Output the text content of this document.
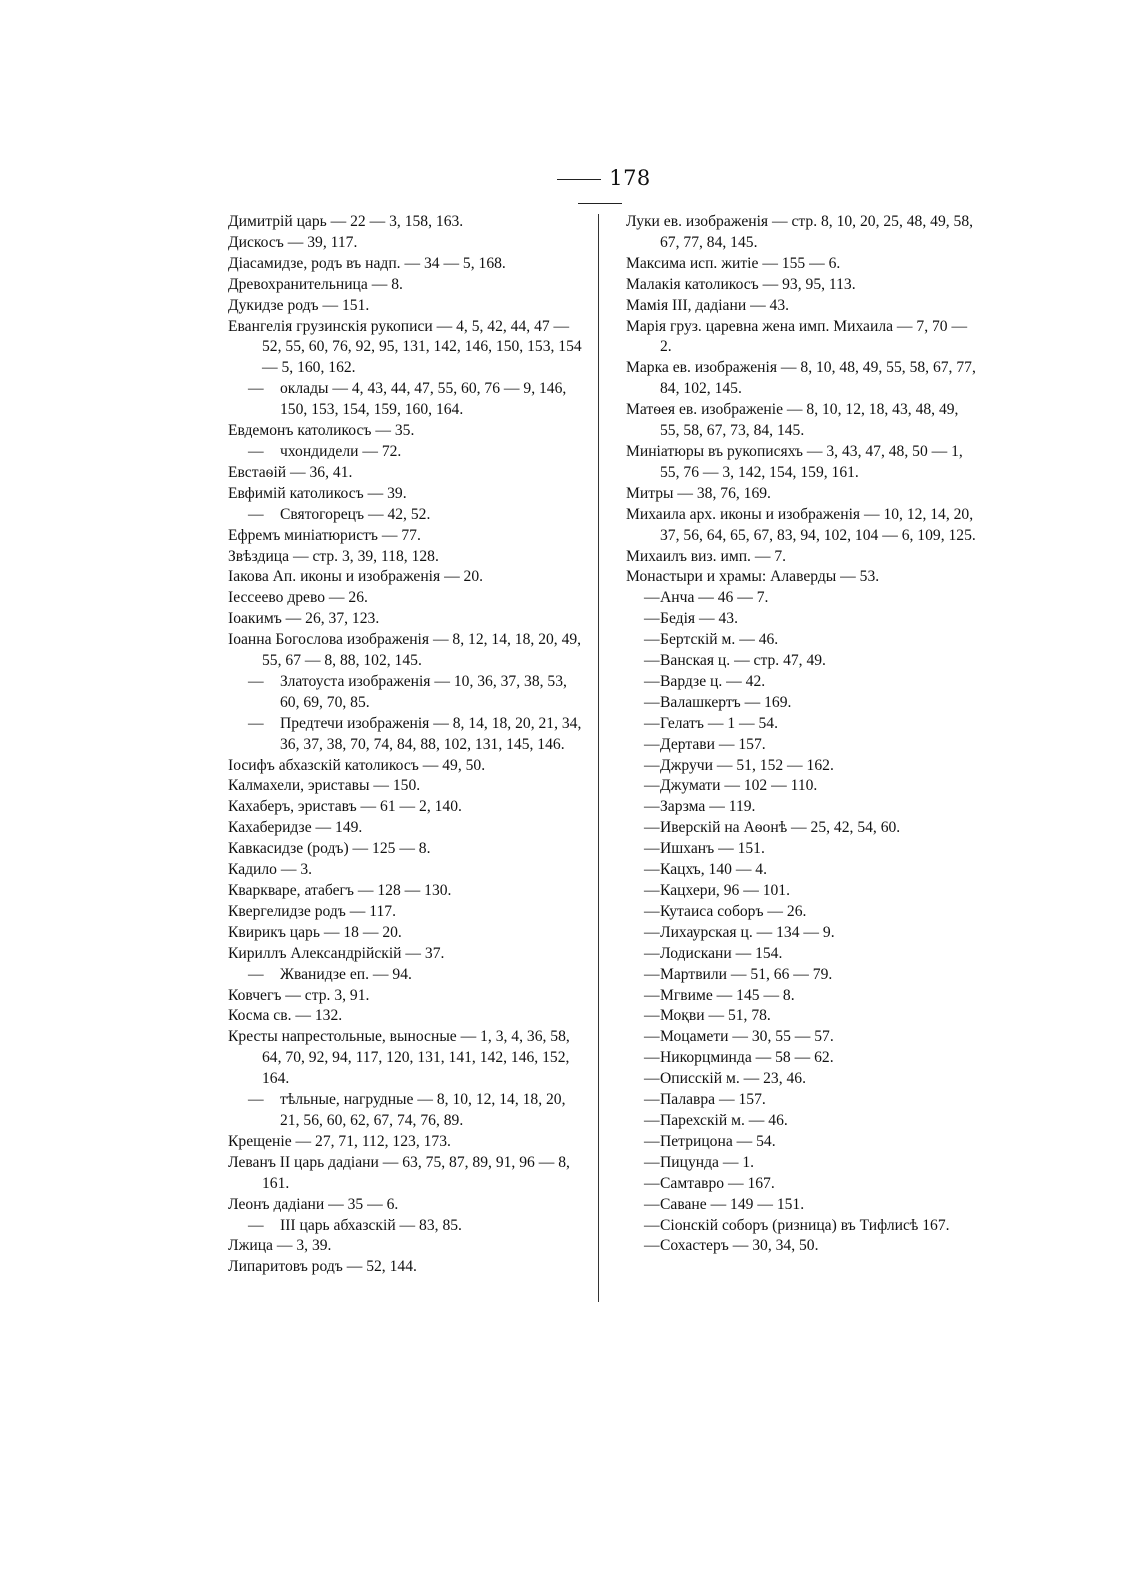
178

Димитрій царь — 22 — 3, 158, 163.

Дискосъ — 39, 117.

Діасамидзе, родъ въ надп. — 34 — 5, 168.

Древохранительница — 8.

Дукидзе родъ — 151.

Евангелія грузинскія рукописи — 4, 5, 42, 44, 47 — 52, 55, 60, 76, 92, 95, 131, 142, 146, 150, 153, 154 — 5, 160, 162.

— оклады — 4, 43, 44, 47, 55, 60, 76 — 9, 146, 150, 153, 154, 159, 160, 164.

Евдемонъ католикосъ — 35.

— чхондидели — 72.

Евстаѳій — 36, 41.

Евфимій католикосъ — 39.

— Святогорецъ — 42, 52.

Ефремъ миніатюристъ — 77.

Звѣздица — стр. 3, 39, 118, 128.

Іакова Ап. иконы и изображенія — 20.

Іессеево древо — 26.

Іоакимъ — 26, 37, 123.

Іоанна Богослова изображенія — 8, 12, 14, 18, 20, 49, 55, 67 — 8, 88, 102, 145.

— Златоуста изображенія — 10, 36, 37, 38, 53, 60, 69, 70, 85.

— Предтечи изображенія — 8, 14, 18, 20, 21, 34, 36, 37, 38, 70, 74, 84, 88, 102, 131, 145, 146.

Іосифъ абхазскій католикосъ — 49, 50.

Калмахели, эриставы — 150.

Кахаберъ, эриставъ — 61 — 2, 140.

Кахаберидзе — 149.

Кавкасидзе (родъ) — 125 — 8.

Кадило — 3.

Кваркваре, атабегъ — 128 — 130.

Квергелидзе родъ — 117.

Квирикъ царь — 18 — 20.

Кириллъ Александрійскій — 37.

— Жванидзе еп. — 94.

Ковчегъ — стр. 3, 91.

Косма св. — 132.

Кресты напрестольные, выносные — 1, 3, 4, 36, 58, 64, 70, 92, 94, 117, 120, 131, 141, 142, 146, 152, 164.

— тѣльные, нагрудные — 8, 10, 12, 14, 18, 20, 21, 56, 60, 62, 67, 74, 76, 89.

Крещеніе — 27, 71, 112, 123, 173.

Леванъ II царь дадіани — 63, 75, 87, 89, 91, 96 — 8, 161.

Леонъ дадіани — 35 — 6.

— III царь абхазскій — 83, 85.

Лжица — 3, 39.

Липаритовъ родъ — 52, 144.

Луки ев. изображенія — стр. 8, 10, 20, 25, 48, 49, 58, 67, 77, 84, 145.

Максима исп. житіе — 155 — 6.

Малакія католикосъ — 93, 95, 113.

Мамія III, дадіани — 43.

Марія груз. царевна жена имп. Михаила — 7, 70 — 2.

Марка ев. изображенія — 8, 10, 48, 49, 55, 58, 67, 77, 84, 102, 145.

Матѳея ев. изображеніе — 8, 10, 12, 18, 43, 48, 49, 55, 58, 67, 73, 84, 145.

Миніатюры въ рукописяхъ — 3, 43, 47, 48, 50 — 1, 55, 76 — 3, 142, 154, 159, 161.

Митры — 38, 76, 169.

Михаила арх. иконы и изображенія — 10, 12, 14, 20, 37, 56, 64, 65, 67, 83, 94, 102, 104 — 6, 109, 125.

Михаилъ виз. имп. — 7.

Монастыри и храмы: Алаверды — 53.

—Анча — 46 — 7.

—Бедія — 43.

—Бертскій м. — 46.

—Ванская ц. — стр. 47, 49.

—Вардзе ц. — 42.

—Валашкертъ — 169.

—Гелатъ — 1 — 54.

—Дертави — 157.

—Джручи — 51, 152 — 162.

—Джумати — 102 — 110.

—Зарзма — 119.

—Иверскій на Аѳонѣ — 25, 42, 54, 60.

—Ишханъ — 151.

—Кацхъ, 140 — 4.

—Кацхери, 96 — 101.

—Кутаиса соборъ — 26.

—Лихаурская ц. — 134 — 9.

—Лодискани — 154.

—Мартвили — 51, 66 — 79.

—Мгвиме — 145 — 8.

—Моқви — 51, 78.

—Моцамети — 30, 55 — 57.

—Никорцминда — 58 — 62.

—Описскій м. — 23, 46.

—Палавра — 157.

—Парехскій м. — 46.

—Петрицона — 54.

—Пицунда — 1.

—Самтавро — 167.

—Саване — 149 — 151.

—Сіонскій соборъ (ризница) въ Тифлисѣ 167.

—Сохастеръ — 30, 34, 50.
